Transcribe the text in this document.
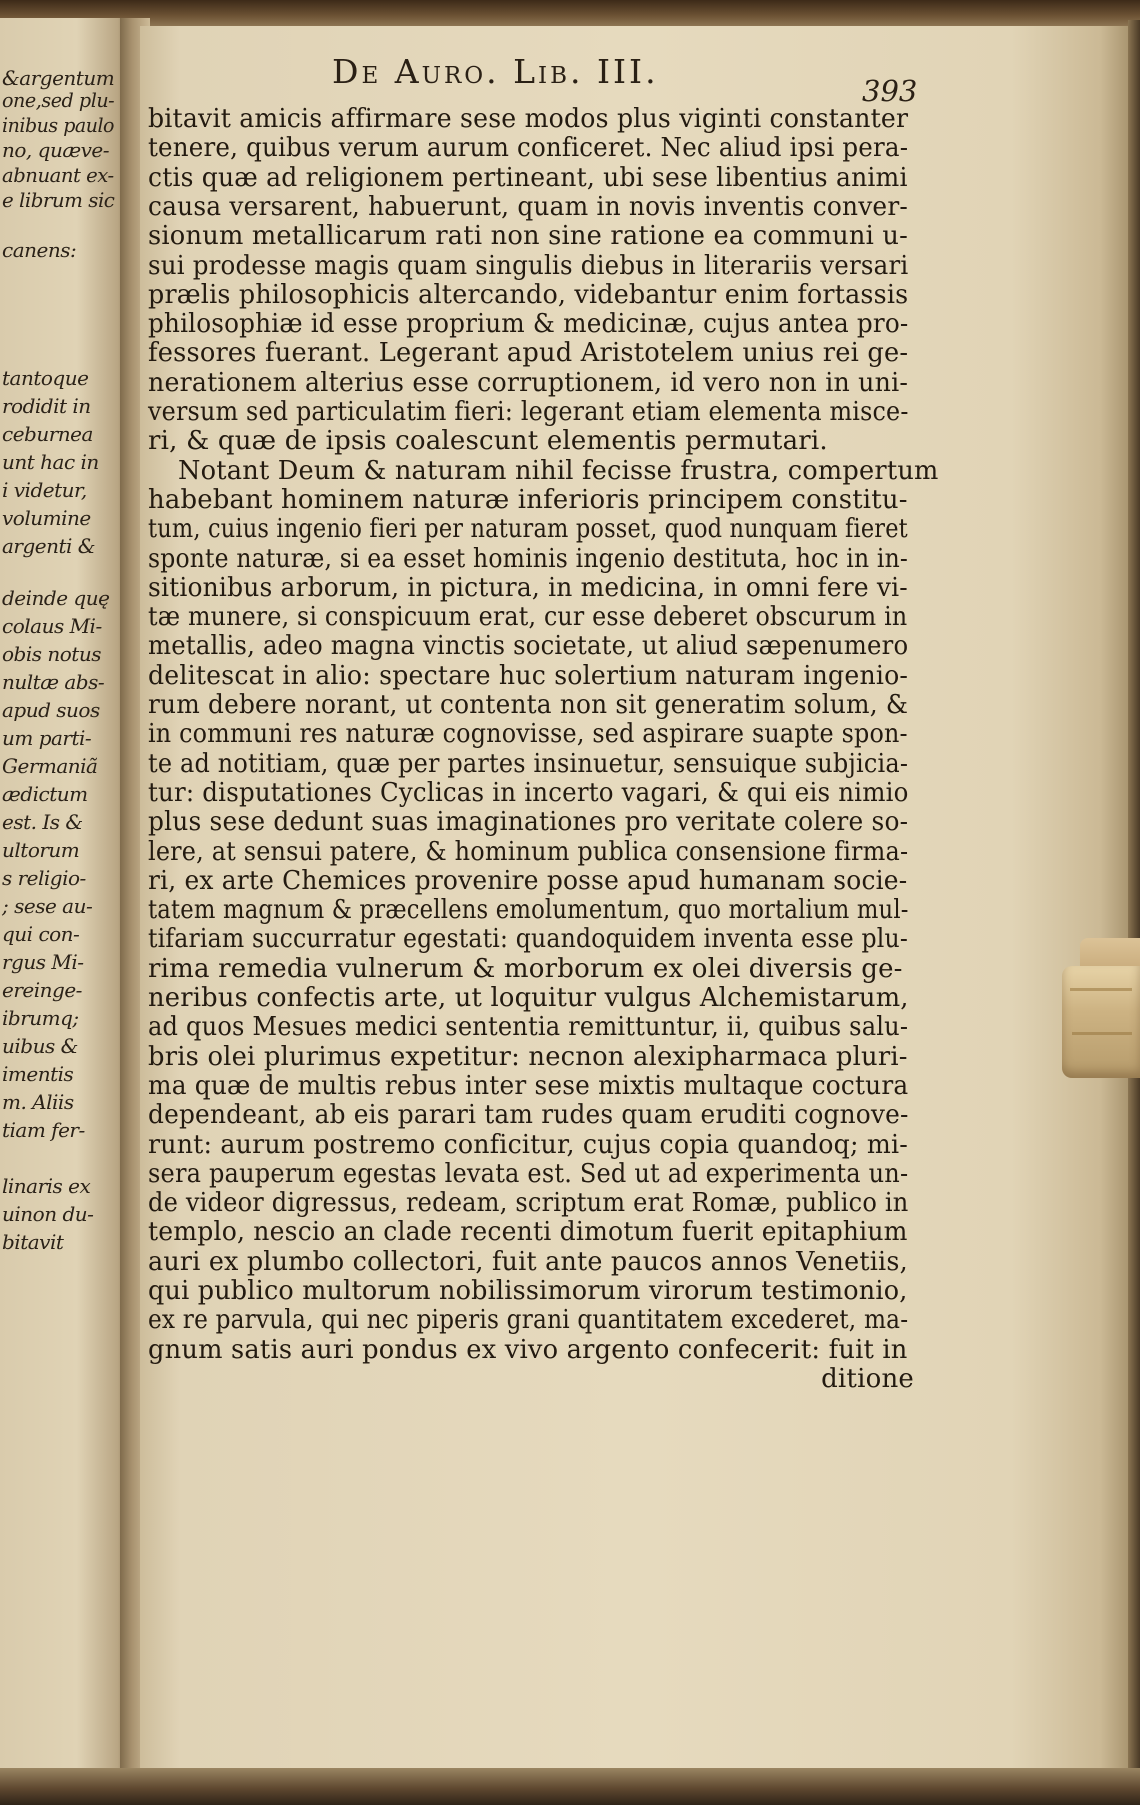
&argentum
one,sed plu-
inibus paulo
no, quæve-
abnuant ex-
e librum sic
canens:
tantoque
rodidit in
ceburnea
unt hac in
i videtur,
volumine
argenti &
deinde quę
colaus Mi-
obis notus
nultæ abs-
apud suos
um parti-
Germaniã
ædictum
est. Is &
ultorum
s religio-
; sese au-
qui con-
rgus Mi-
ereinge-
ibrumq;
uibus &
imentis
m. Aliis
tiam fer-
linaris ex
uinon du-
bitavit
De Auro. Lib. III.	393
bitavit amicis affirmare sese modos plus viginti constanter
tenere, quibus verum aurum conficeret. Nec aliud ipsi pera-
ctis quæ ad religionem pertineant, ubi sese libentius animi
causa versarent, habuerunt, quam in novis inventis conver-
sionum metallicarum rati non sine ratione ea communi u-
sui prodesse magis quam singulis diebus in literariis versari
prælis philosophicis altercando, videbantur enim fortassis
philosophiæ id esse proprium & medicinæ, cujus antea pro-
fessores fuerant. Legerant apud Aristotelem unius rei ge-
nerationem alterius esse corruptionem, id vero non in uni-
versum sed particulatim fieri: legerant etiam elementa misce-
ri, & quæ de ipsis coalescunt elementis permutari.
Notant Deum & naturam nihil fecisse frustra, compertum
habebant hominem naturæ inferioris principem constitu-
tum, cuius ingenio fieri per naturam posset, quod nunquam fieret
sponte naturæ, si ea esset hominis ingenio destituta, hoc in in-
sitionibus arborum, in pictura, in medicina, in omni fere vi-
tæ munere, si conspicuum erat, cur esse deberet obscurum in
metallis, adeo magna vinctis societate, ut aliud sæpenumero
delitescat in alio: spectare huc solertium naturam ingenio-
rum debere norant, ut contenta non sit generatim solum, &
in communi res naturæ cognovisse, sed aspirare suapte spon-
te ad notitiam, quæ per partes insinuetur, sensuique subjicia-
tur: disputationes Cyclicas in incerto vagari, & qui eis nimio
plus sese dedunt suas imaginationes pro veritate colere so-
lere, at sensui patere, & hominum publica consensione firma-
ri, ex arte Chemices provenire posse apud humanam socie-
tatem magnum & præcellens emolumentum, quo mortalium mul-
tifariam succurratur egestati: quandoquidem inventa esse plu-
rima remedia vulnerum & morborum ex olei diversis ge-
neribus confectis arte, ut loquitur vulgus Alchemistarum,
ad quos Mesues medici sententia remittuntur, ii, quibus salu-
bris olei plurimus expetitur: necnon alexipharmaca pluri-
ma quæ de multis rebus inter sese mixtis multaque coctura
dependeant, ab eis parari tam rudes quam eruditi cognove-
runt: aurum postremo conficitur, cujus copia quandoq; mi-
sera pauperum egestas levata est. Sed ut ad experimenta un-
de videor digressus, redeam, scriptum erat Romæ, publico in
templo, nescio an clade recenti dimotum fuerit epitaphium
auri ex plumbo collectori, fuit ante paucos annos Venetiis,
qui publico multorum nobilissimorum virorum testimonio,
ex re parvula, qui nec piperis grani quantitatem excederet, ma-
gnum satis auri pondus ex vivo argento confecerit: fuit in
ditione
